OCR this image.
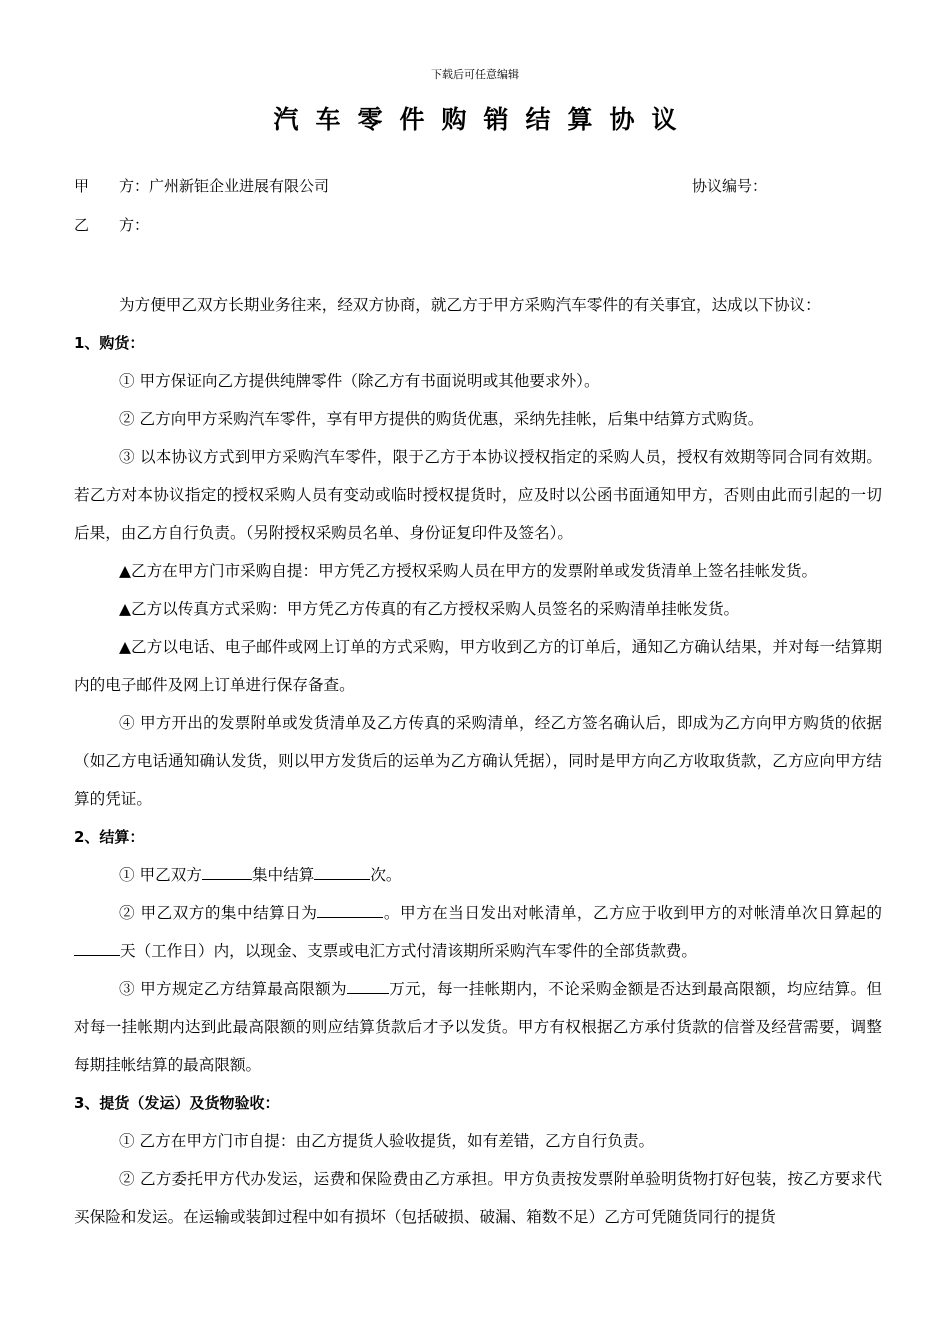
下载后可任意编辑
汽车零件购销结算协议
甲　　方：广州新钜企业进展有限公司	协议编号：
乙　　方：

为方便甲乙双方长期业务往来，经双方协商，就乙方于甲方采购汽车零件的有关事宜，达成以下协议：

1、购货：

① 甲方保证向乙方提供纯牌零件（除乙方有书面说明或其他要求外）。

② 乙方向甲方采购汽车零件，享有甲方提供的购货优惠，采纳先挂帐，后集中结算方式购货。

③ 以本协议方式到甲方采购汽车零件，限于乙方于本协议授权指定的采购人员，授权有效期等同合同有效期。若乙方对本协议指定的授权采购人员有变动或临时授权提货时，应及时以公函书面通知甲方，否则由此而引起的一切后果，由乙方自行负责。（另附授权采购员名单、身份证复印件及签名）。

▲乙方在甲方门市采购自提：甲方凭乙方授权采购人员在甲方的发票附单或发货清单上签名挂帐发货。

▲乙方以传真方式采购：甲方凭乙方传真的有乙方授权采购人员签名的采购清单挂帐发货。

▲乙方以电话、电子邮件或网上订单的方式采购，甲方收到乙方的订单后，通知乙方确认结果，并对每一结算期内的电子邮件及网上订单进行保存备查。

④ 甲方开出的发票附单或发货清单及乙方传真的采购清单，经乙方签名确认后，即成为乙方向甲方购货的依据（如乙方电话通知确认发货，则以甲方发货后的运单为乙方确认凭据），同时是甲方向乙方收取货款，乙方应向甲方结算的凭证。

2、结算：

① 甲乙双方	集中结算	次。

② 甲乙双方的集中结算日为	。甲方在当日发出对帐清单，乙方应于收到甲方的对帐清单次日算起的天（工作日）内，以现金、支票或电汇方式付清该期所采购汽车零件的全部货款费。

③ 甲方规定乙方结算最高限额为	万元，每一挂帐期内，不论采购金额是否达到最高限额，均应结算。但对每一挂帐期内达到此最高限额的则应结算货款后才予以发货。甲方有权根据乙方承付货款的信誉及经营需要，调整每期挂帐结算的最高限额。

3、提货（发运）及货物验收：

① 乙方在甲方门市自提：由乙方提货人验收提货，如有差错，乙方自行负责。

② 乙方委托甲方代办发运，运费和保险费由乙方承担。甲方负责按发票附单验明货物打好包装，按乙方要求代买保险和发运。在运输或装卸过程中如有损坏（包括破损、破漏、箱数不足）乙方可凭随货同行的提货
